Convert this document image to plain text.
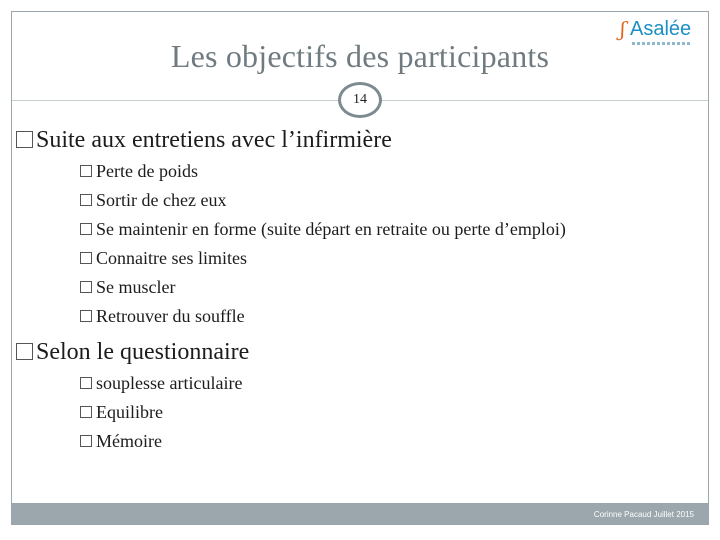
Les objectifs des participants
ʃ Asalée
14
Suite aux entretiens avec l’infirmière
Perte de poids
Sortir de chez eux
Se maintenir en forme (suite départ en retraite ou perte d’emploi)
Connaitre ses limites
Se muscler
Retrouver du souffle
Selon le questionnaire
souplesse articulaire
Equilibre
Mémoire
Corinne Pacaud Juillet 2015
